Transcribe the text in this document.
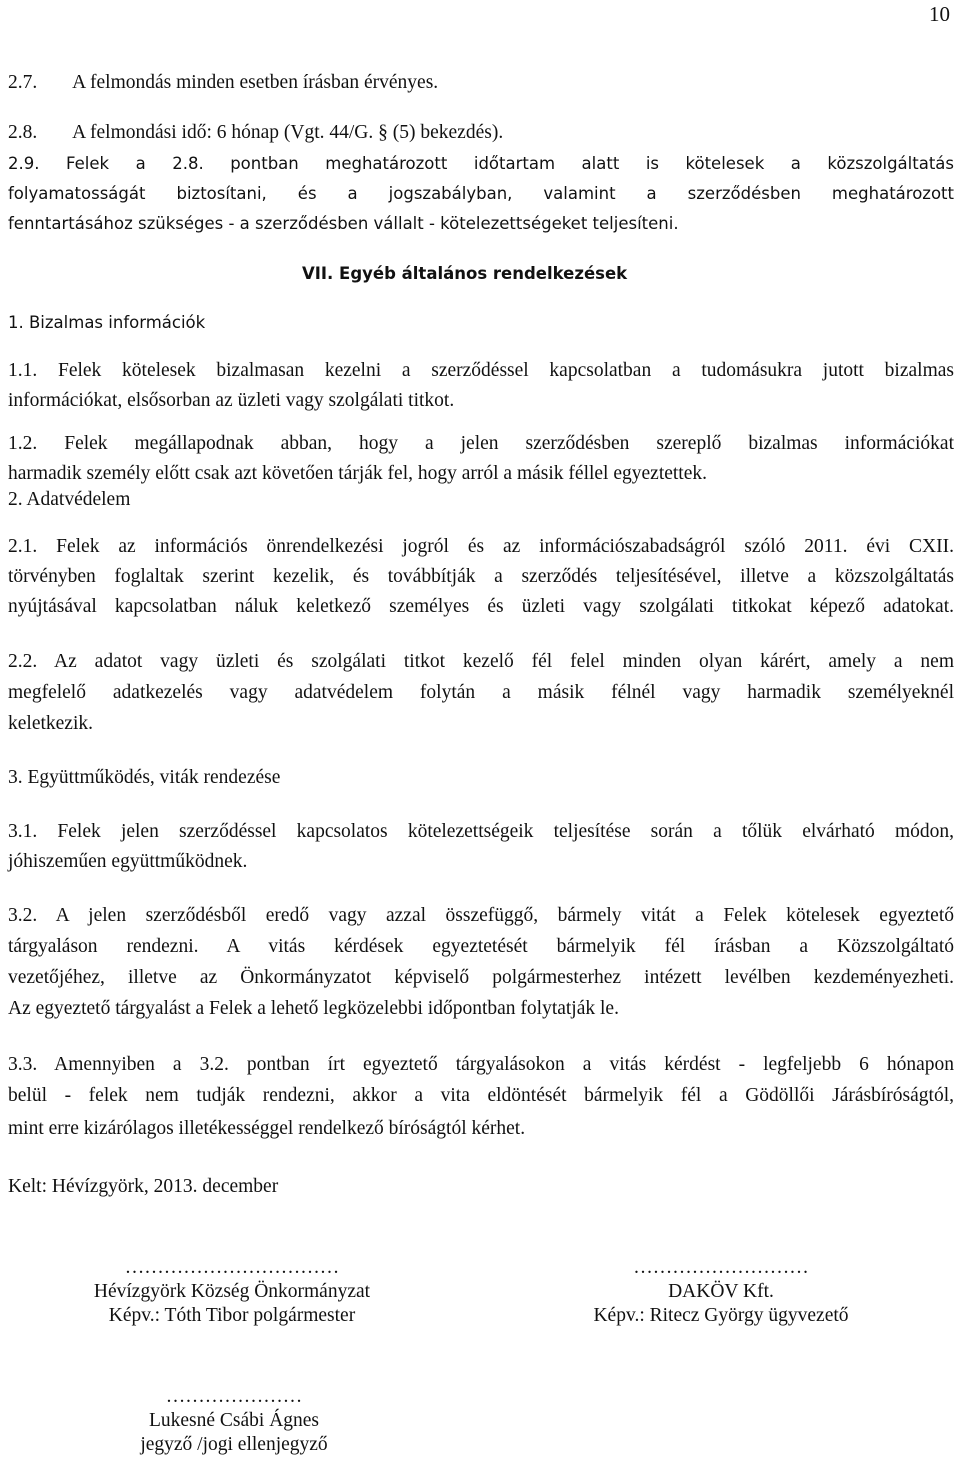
10
2.7. A felmondás minden esetben írásban érvényes.
2.8. A felmondási idő: 6 hónap (Vgt. 44/G. § (5) bekezdés).
2.9. Felek a 2.8. pontban meghatározott időtartam alatt is kötelesek a közszolgáltatás
folyamatosságát biztosítani, és a jogszabályban, valamint a szerződésben meghatározott
fenntartásához szükséges - a szerződésben vállalt - kötelezettségeket teljesíteni.
VII. Egyéb általános rendelkezések
1. Bizalmas információk
1.1. Felek kötelesek bizalmasan kezelni a szerződéssel kapcsolatban a tudomásukra jutott bizalmas
információkat, elsősorban az üzleti vagy szolgálati titkot.
1.2. Felek megállapodnak abban, hogy a jelen szerződésben szereplő bizalmas információkat
harmadik személy előtt csak azt követően tárják fel, hogy arról a másik féllel egyeztettek.
2. Adatvédelem
2.1. Felek az információs önrendelkezési jogról és az információszabadságról szóló 2011. évi CXII.
törvényben foglaltak szerint kezelik, és továbbítják a szerződés teljesítésével, illetve a közszolgáltatás
nyújtásával kapcsolatban náluk keletkező személyes és üzleti vagy szolgálati titkokat képező adatokat.
2.2. Az adatot vagy üzleti és szolgálati titkot kezelő fél felel minden olyan kárért, amely a nem
megfelelő adatkezelés vagy adatvédelem folytán a másik félnél vagy harmadik személyeknél
keletkezik.
3. Együttműködés, viták rendezése
3.1. Felek jelen szerződéssel kapcsolatos kötelezettségeik teljesítése során a tőlük elvárható módon,
jóhiszeműen együttműködnek.
3.2. A jelen szerződésből eredő vagy azzal összefüggő, bármely vitát a Felek kötelesek egyeztető
tárgyaláson rendezni. A vitás kérdések egyeztetését bármelyik fél írásban a Közszolgáltató
vezetőjéhez, illetve az Önkormányzatot képviselő polgármesterhez intézett levélben kezdeményezheti.
Az egyeztető tárgyalást a Felek a lehető legközelebbi időpontban folytatják le.
3.3. Amennyiben a 3.2. pontban írt egyeztető tárgyalásokon a vitás kérdést - legfeljebb 6 hónapon
belül - felek nem tudják rendezni, akkor a vita eldöntését bármelyik fél a Gödöllői Járásbíróságtól,
mint erre kizárólagos illetékességgel rendelkező bíróságtól kérhet.
Kelt: Hévízgyörk, 2013. december
……………………………
Hévízgyörk Község Önkormányzat
Képv.: Tóth Tibor polgármester
………………………
DAKÖV Kft.
Képv.: Ritecz György ügyvezető
…………………
Lukesné Csábi Ágnes
jegyző /jogi ellenjegyző
